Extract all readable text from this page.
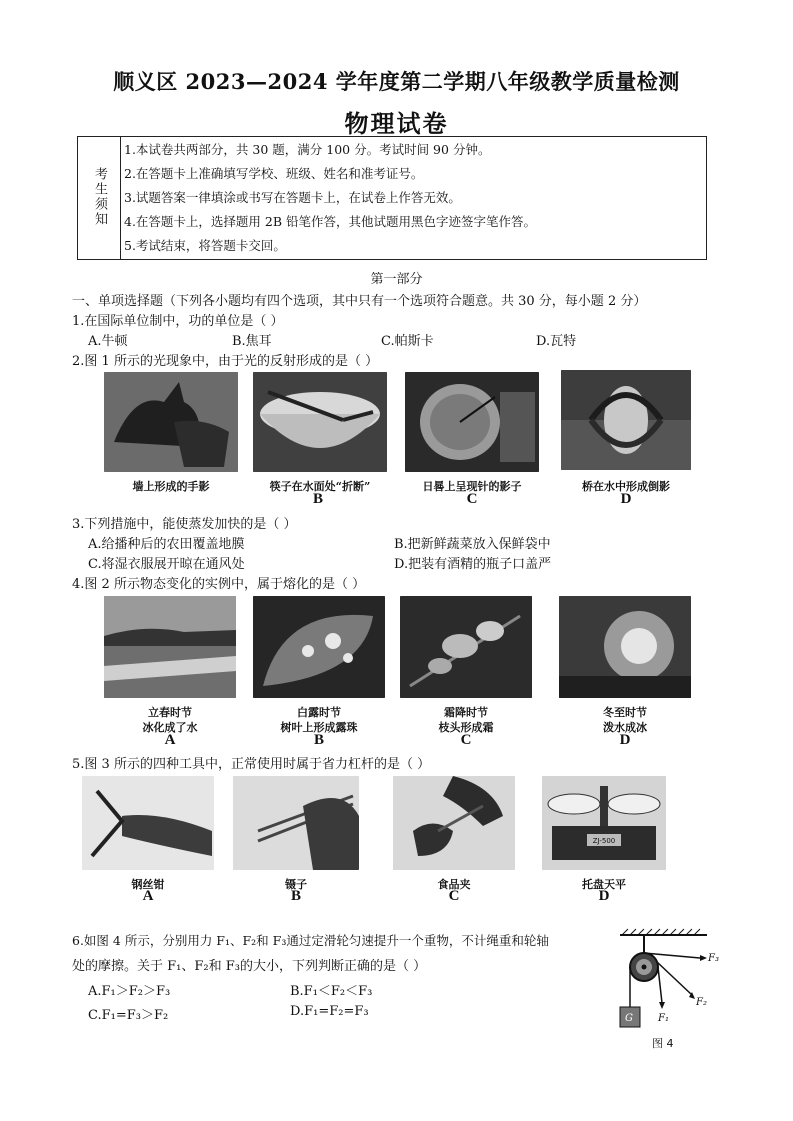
顺义区 2023—2024 学年度第二学期八年级教学质量检测
物理试卷
考生须知	
1.本试卷共两部分，共 30 题，满分 100 分。考试时间 90 分钟。
2.在答题卡上准确填写学校、班级、姓名和准考证号。
3.试题答案一律填涂或书写在答题卡上，在试卷上作答无效。
4.在答题卡上，选择题用 2B 铅笔作答，其他试题用黑色字迹签字笔作答。
5.考试结束，将答题卡交回。
第一部分
一、单项选择题（下列各小题均有四个选项，其中只有一个选项符合题意。共 30 分，每小题 2 分）
1.在国际单位制中，功的单位是（ ）
A.牛顿	B.焦耳	C.帕斯卡	D.瓦特
2.图 1 所示的光现象中，由于光的反射形成的是（ ）
墙上形成的手影	筷子在水面处“折断”	日晷上呈现针的影子	桥在水中形成倒影
B	C	D
3.下列措施中，能使蒸发加快的是（ ）
A.给播种后的农田覆盖地膜	B.把新鲜蔬菜放入保鲜袋中
C.将湿衣服展开晾在通风处	D.把装有酒精的瓶子口盖严
4.图 2 所示物态变化的实例中，属于熔化的是（ ）
立春时节	白露时节	霜降时节	冬至时节
冰化成了水	树叶上形成露珠	枝头形成霜	泼水成冰
A	B	C	D
5.图 3 所示的四种工具中，正常使用时属于省力杠杆的是（ ）
ZJ-500
钢丝钳	镊子	食品夹	托盘天平
A	B	C	D
6.如图 4 所示，分别用力 F₁、F₂和 F₃通过定滑轮匀速提升一个重物，不计绳重和轮轴
处的摩擦。关于 F₁、F₂和 F₃的大小，下列判断正确的是（ ）
A.F₁＞F₂＞F₃	B.F₁＜F₂＜F₃
C.F₁=F₃＞F₂	D.F₁=F₂=F₃
F₃
F₂
F₁
G
图 4
